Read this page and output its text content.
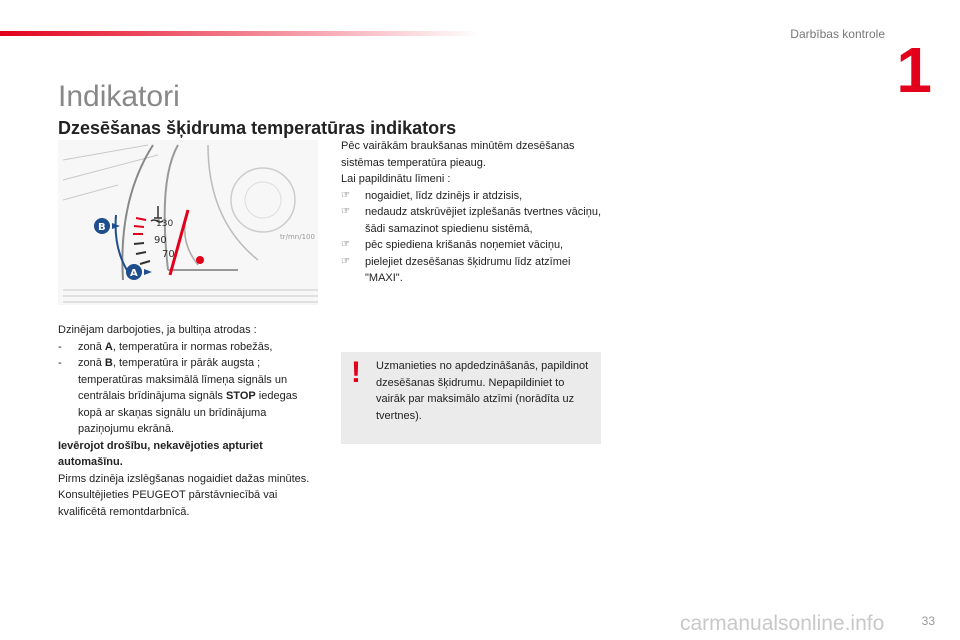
Darbības kontrole 1
Indikatori
Dzesēšanas šķidruma temperatūras indikators
130
90
70
tr/mn/100
B
A

Dzinējam darbojoties, ja bultiņa atrodas :

- zonā A, temperatūra ir normas robežās,

- zonā B, temperatūra ir pārāk augsta ; temperatūras maksimālā līmeņa signāls un centrālais brīdinājuma signāls STOP iedegas kopā ar skaņas signālu un brīdinājuma paziņojumu ekrānā.

Ievērojot drošību, nekavējoties apturiet automašīnu.

Pirms dzinēja izslēgšanas nogaidiet dažas minūtes.

Konsultējieties PEUGEOT pārstāvniecībā vai kvalificētā remontdarbnīcā.

Pēc vairākām braukšanas minūtēm dzesēšanas sistēmas temperatūra pieaug.

Lai papildinātu līmeni :

☞ nogaidiet, līdz dzinējs ir atdzisis,

☞ nedaudz atskrūvējiet izplešanās tvertnes vāciņu, šādi samazinot spiedienu sistēmā,

☞ pēc spiediena krišanās noņemiet vāciņu,

☞ pielejiet dzesēšanas šķidrumu līdz atzīmei "MAXI".

! Uzmanieties no apdedzināšanās, papildinot dzesēšanas šķidrumu. Nepapildiniet to vairāk par maksimālo atzīmi (norādīta uz tvertnes).

33
carmanualsonline.info
